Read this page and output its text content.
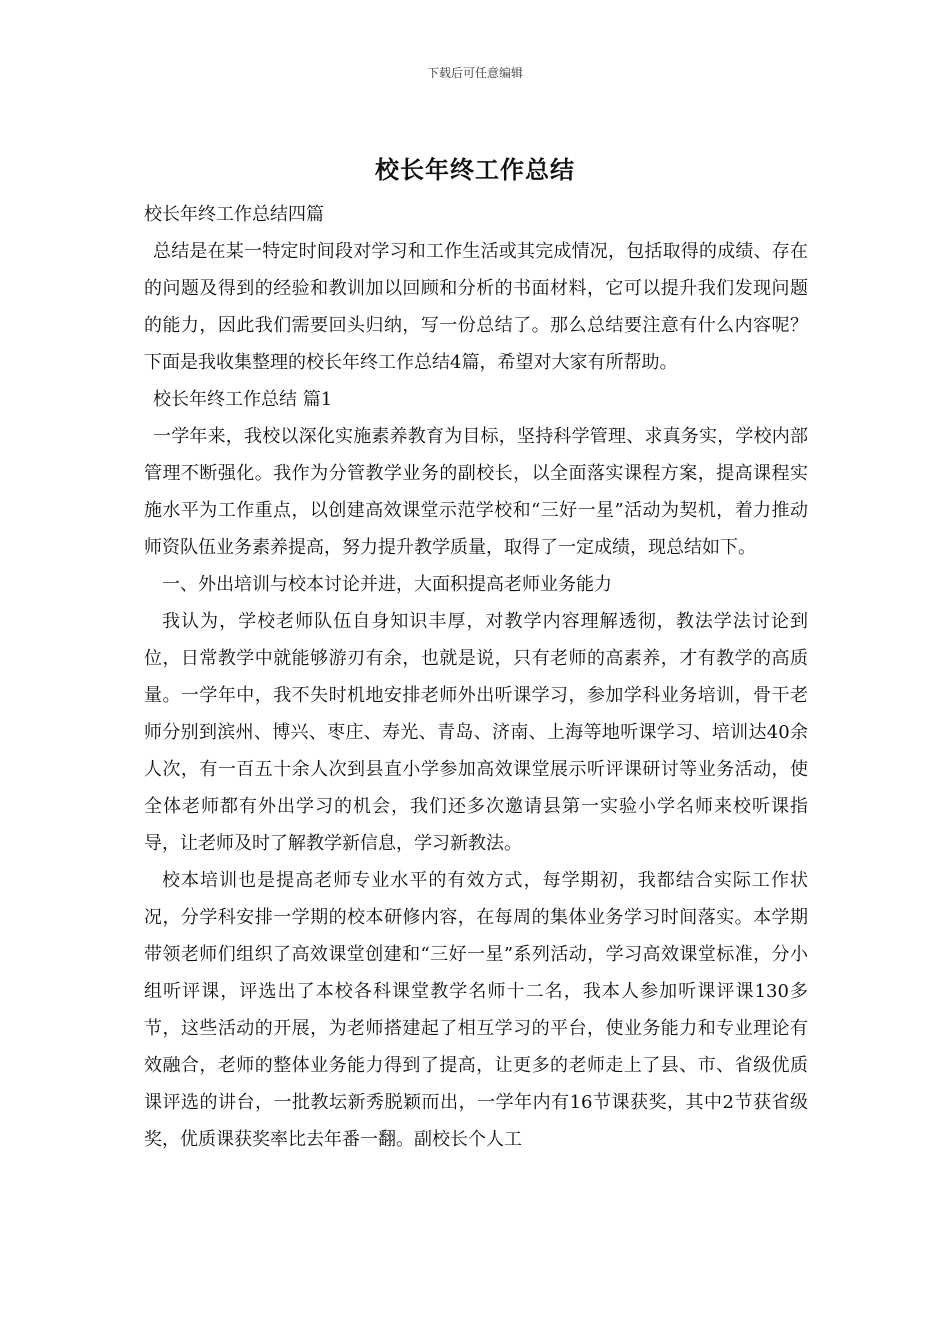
下载后可任意编辑
校长年终工作总结

校长年终工作总结四篇

总结是在某一特定时间段对学习和工作生活或其完成情况，包括取得的成绩、存在的问题及得到的经验和教训加以回顾和分析的书面材料，它可以提升我们发现问题的能力，因此我们需要回头归纳，写一份总结了。那么总结要注意有什么内容呢？下面是我收集整理的校长年终工作总结4篇，希望对大家有所帮助。

校长年终工作总结 篇1

一学年来，我校以深化实施素养教育为目标，坚持科学管理、求真务实，学校内部管理不断强化。我作为分管教学业务的副校长，以全面落实课程方案，提高课程实施水平为工作重点，以创建高效课堂示范学校和“三好一星”活动为契机，着力推动师资队伍业务素养提高，努力提升教学质量，取得了一定成绩，现总结如下。

一、外出培训与校本讨论并进，大面积提高老师业务能力

我认为，学校老师队伍自身知识丰厚，对教学内容理解透彻，教法学法讨论到位，日常教学中就能够游刃有余，也就是说，只有老师的高素养，才有教学的高质量。一学年中，我不失时机地安排老师外出听课学习，参加学科业务培训，骨干老师分别到滨州、博兴、枣庄、寿光、青岛、济南、上海等地听课学习、培训达40余人次，有一百五十余人次到县直小学参加高效课堂展示听评课研讨等业务活动，使全体老师都有外出学习的机会，我们还多次邀请县第一实验小学名师来校听课指导，让老师及时了解教学新信息，学习新教法。

校本培训也是提高老师专业水平的有效方式，每学期初，我都结合实际工作状况，分学科安排一学期的校本研修内容，在每周的集体业务学习时间落实。本学期带领老师们组织了高效课堂创建和“三好一星”系列活动，学习高效课堂标准，分小组听评课，评选出了本校各科课堂教学名师十二名，我本人参加听课评课130多节，这些活动的开展，为老师搭建起了相互学习的平台，使业务能力和专业理论有效融合，老师的整体业务能力得到了提高，让更多的老师走上了县、市、省级优质课评选的讲台，一批教坛新秀脱颖而出，一学年内有16节课获奖，其中2节获省级奖，优质课获奖率比去年番一翻。副校长个人工
